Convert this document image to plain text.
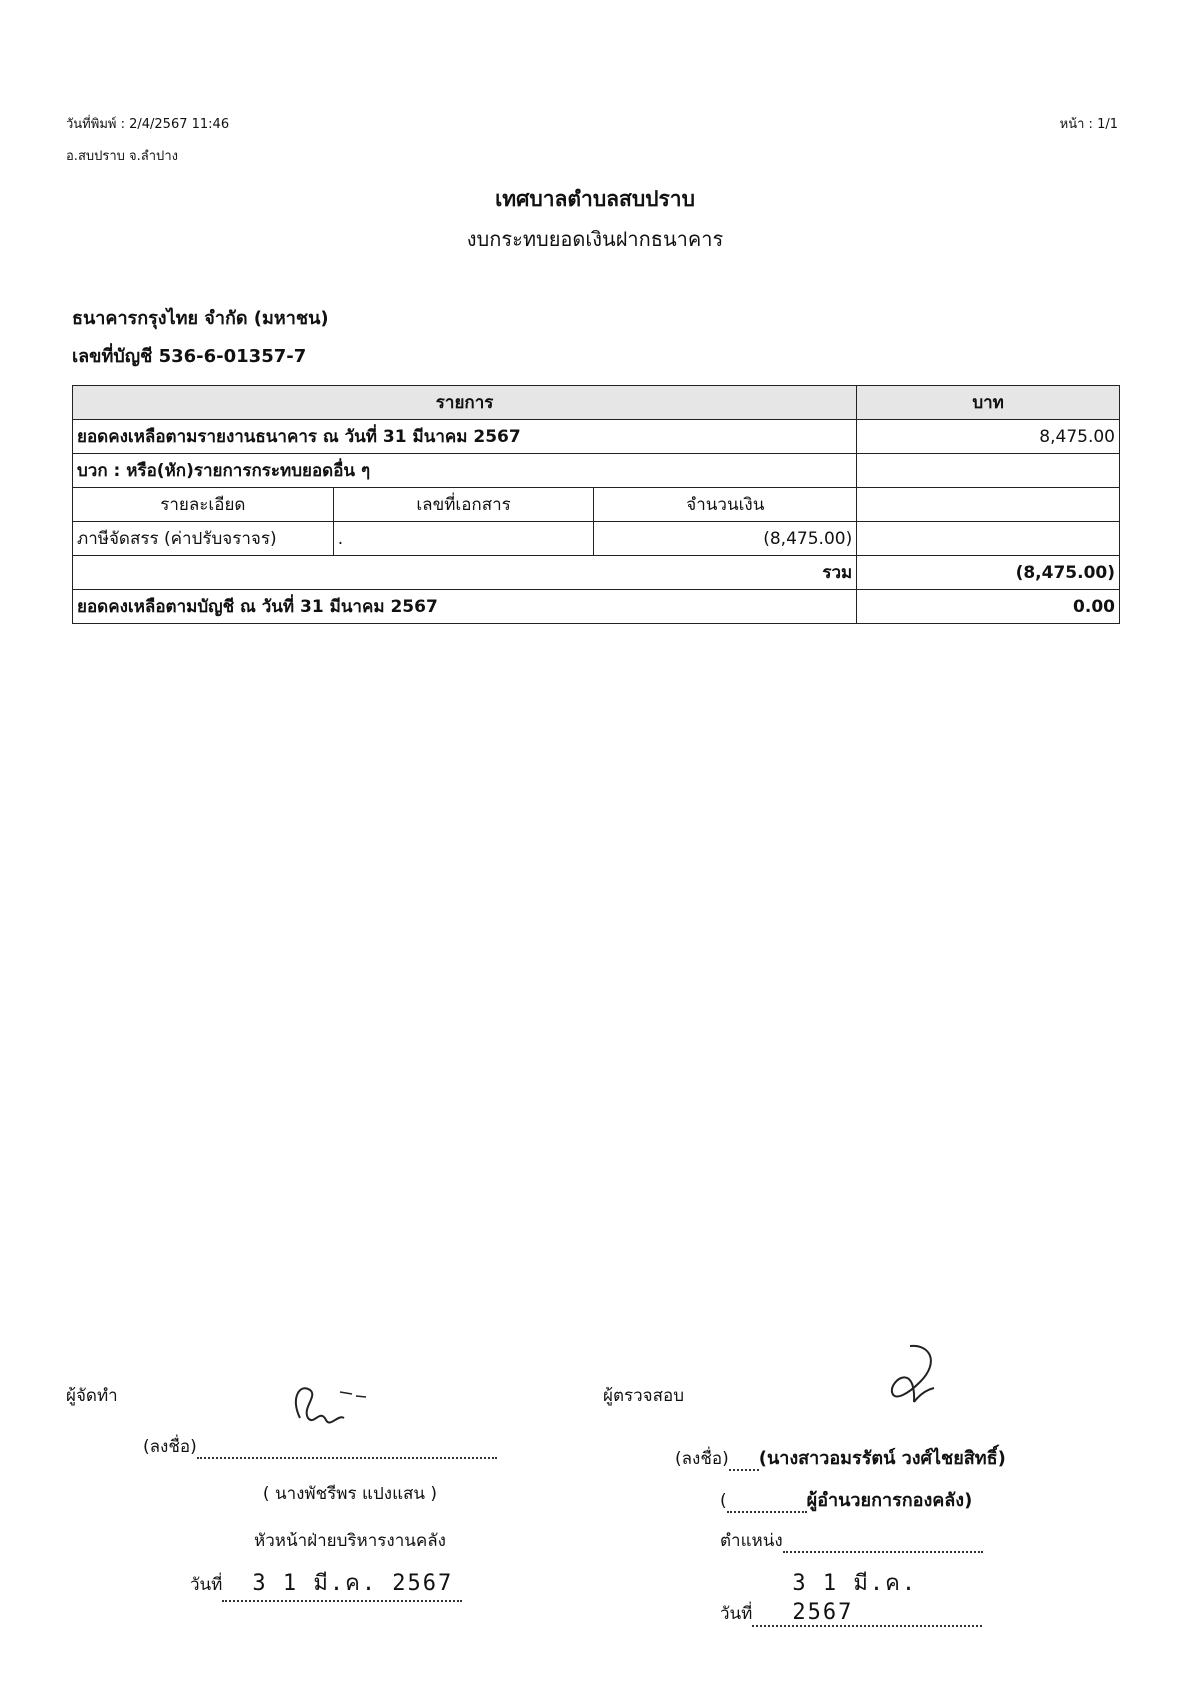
วันที่พิมพ์ : 2/4/2567 11:46	หน้า : 1/1
อ.สบปราบ จ.ลำปาง
เทศบาลตำบลสบปราบ
งบกระทบยอดเงินฝากธนาคาร
ธนาคารกรุงไทย จำกัด (มหาชน)
เลขที่บัญชี 536-6-01357-7
รายการ			บาท
ยอดคงเหลือตามรายงานธนาคาร ณ วันที่ 31 มีนาคม 2567			8,475.00
บวก : หรือ(หัก)รายการกระทบยอดอื่น ๆ			
รายละเอียด	เลขที่เอกสาร	จำนวนเงิน	
ภาษีจัดสรร (ค่าปรับจราจร)	.	(8,475.00)	
รวม			(8,475.00)
ยอดคงเหลือตามบัญชี ณ วันที่ 31 มีนาคม 2567			0.00
ผู้จัดทำ
(ลงชื่อ)
( นางพัชรีพร แปงแสน )
หัวหน้าฝ่ายบริหารงานคลัง
วันที่ 3 1 มี.ค. 2567
ผู้ตรวจสอบ
(ลงชื่อ) (นางสาวอมรรัตน์ วงศ์ไชยสิทธิ์)
(	ผู้อำนวยการกองคลัง)
ตำแหน่ง
วันที่3 1 มี.ค. 2567
